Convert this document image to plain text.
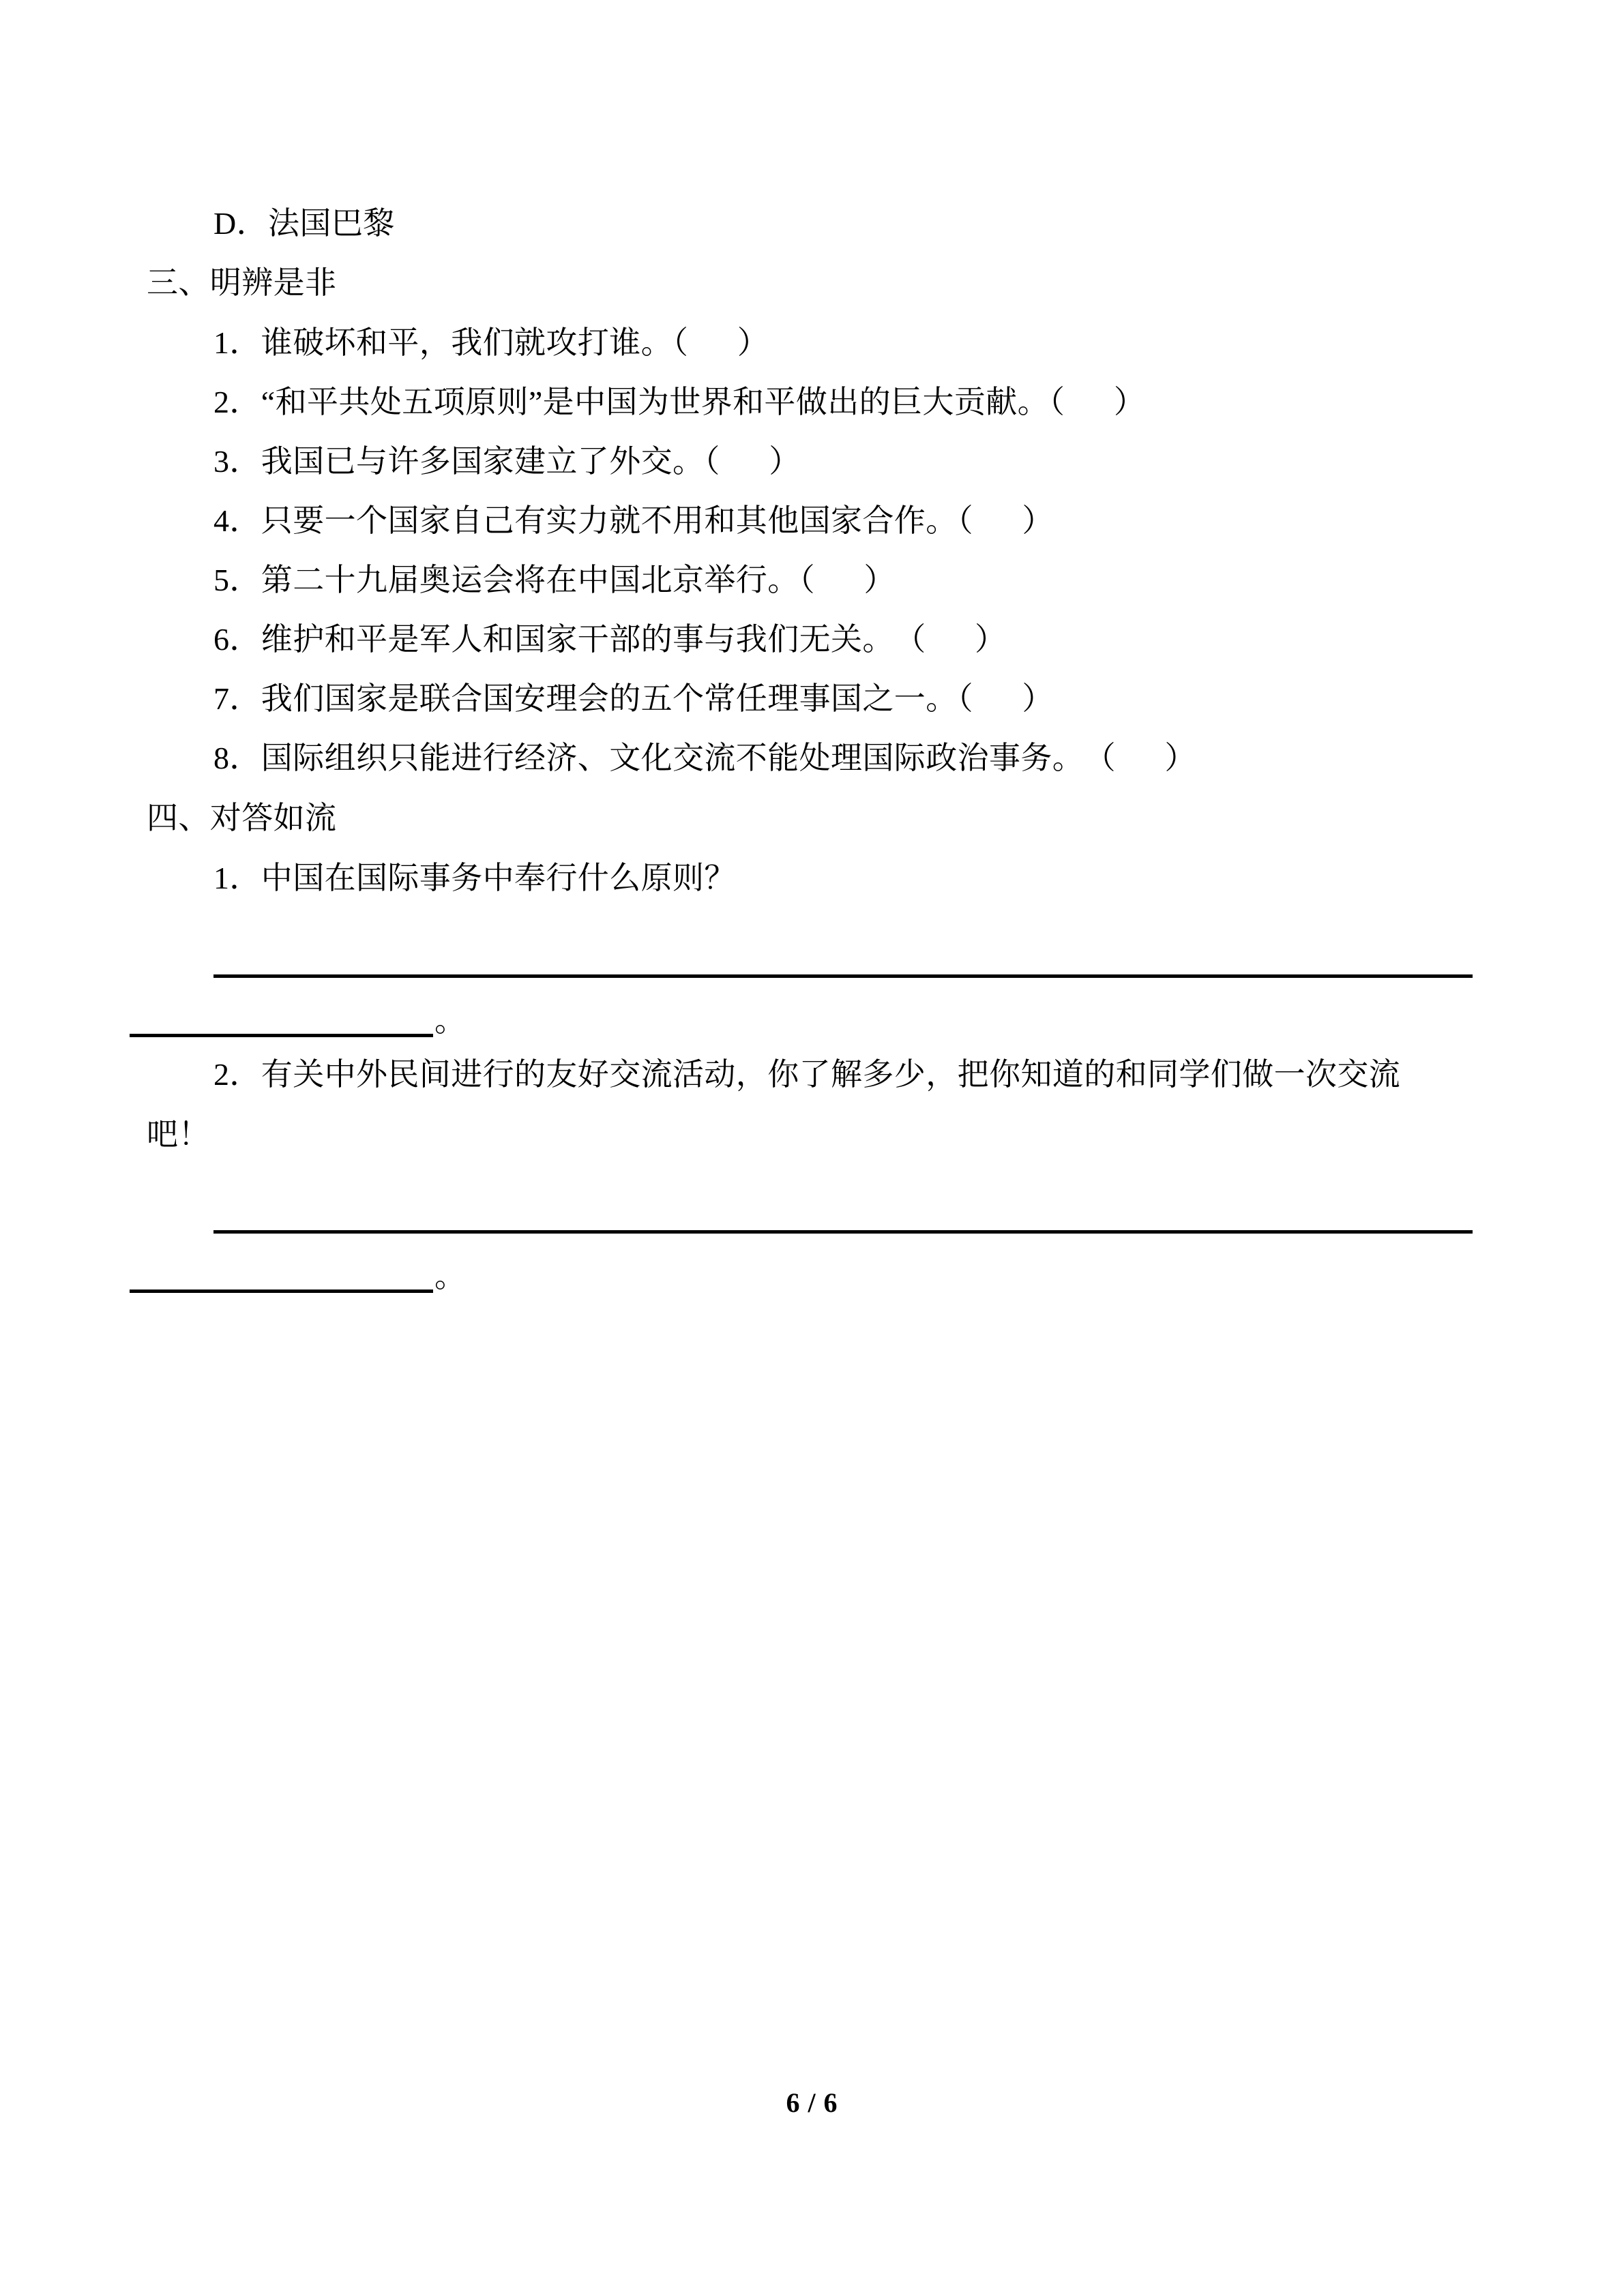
D．法国巴黎
三、明辨是非
1．谁破坏和平，我们就攻打谁。（      ）
2．“和平共处五项原则”是中国为世界和平做出的巨大贡献。（      ）
3．我国已与许多国家建立了外交。（      ）
4．只要一个国家自己有实力就不用和其他国家合作。（      ）
5．第二十九届奥运会将在中国北京举行。（      ）
6．维护和平是军人和国家干部的事与我们无关。　（      ）
7．我们国家是联合国安理会的五个常任理事国之一。（      ）
8．国际组织只能进行经济、文化交流不能处理国际政治事务。　（      ）
四、对答如流
1．中国在国际事务中奉行什么原则？
。
2．有关中外民间进行的友好交流活动，你了解多少，把你知道的和同学们做一次交流
吧！
。
6 / 6
